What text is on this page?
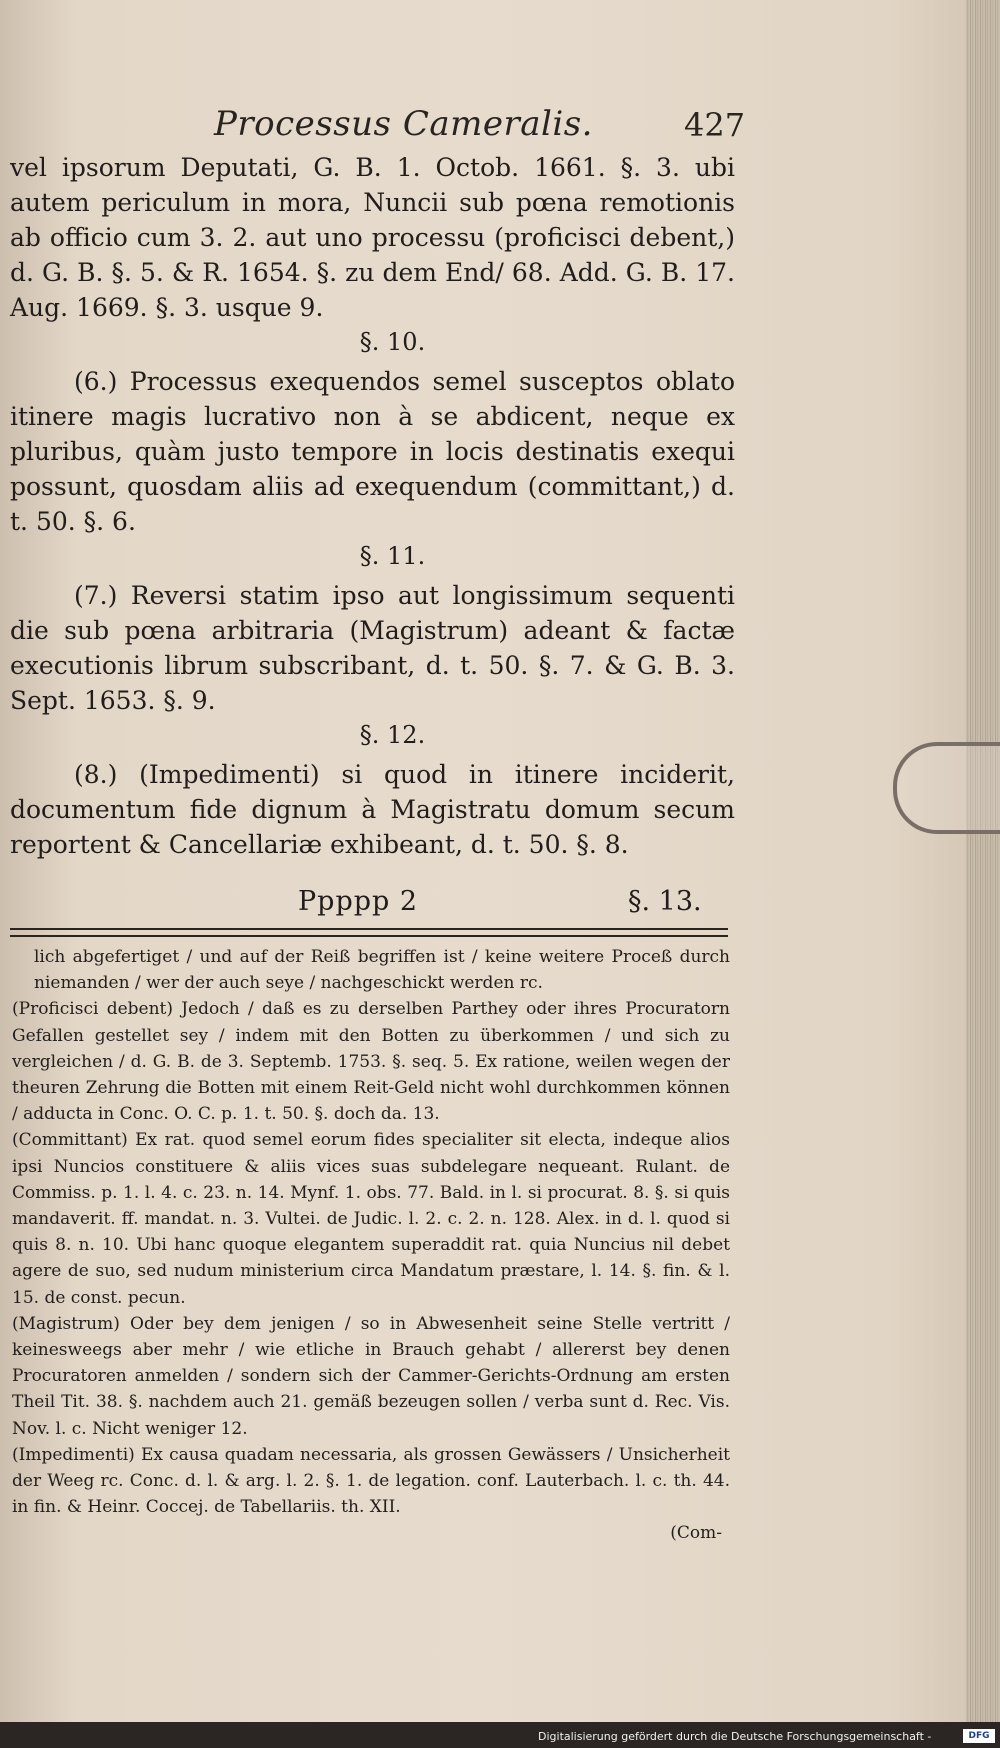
Processus Cameralis.	427

vel ipsorum Deputati, G. B. 1. Octob. 1661. §. 3. ubi autem periculum in mora, Nuncii sub pœna remotionis ab officio cum 3. 2. aut uno processu (proficisci debent,) d. G. B. §. 5. & R. 1654. §. zu dem End/ 68. Add. G. B. 17. Aug. 1669. §. 3. usque 9.

§. 10.

(6.) Processus exequendos semel susceptos oblato itinere magis lucrativo non à se abdicent, neque ex pluribus, quàm justo tempore in locis destinatis exequi possunt, quosdam aliis ad exequendum (committant,) d. t. 50. §. 6.

§. 11.

(7.) Reversi statim ipso aut longissimum sequenti die sub pœna arbitraria (Magistrum) adeant & factæ executionis librum subscribant, d. t. 50. §. 7. & G. B. 3. Sept. 1653. §. 9.

§. 12.

(8.) (Impedimenti) si quod in itinere inciderit, documentum fide dignum à Magistratu domum secum reportent & Cancellariæ exhibeant, d. t. 50. §. 8.

Ppppp 2	§. 13.

lich abgefertiget / und auf der Reiß begriffen ist / keine weitere Proceß durch niemanden / wer der auch seye / nachgeschickt werden rc.

(Proficisci debent) Jedoch / daß es zu derselben Parthey oder ihres Procuratorn Gefallen gestellet sey / indem mit den Botten zu überkommen / und sich zu vergleichen / d. G. B. de 3. Septemb. 1753. §. seq. 5. Ex ratione, weilen wegen der theuren Zehrung die Botten mit einem Reit-Geld nicht wohl durchkommen können / adducta in Conc. O. C. p. 1. t. 50. §. doch da. 13.

(Committant) Ex rat. quod semel eorum fides specialiter sit electa, indeque alios ipsi Nuncios constituere & aliis vices suas subdelegare nequeant. Rulant. de Commiss. p. 1. l. 4. c. 23. n. 14. Mynf. 1. obs. 77. Bald. in l. si procurat. 8. §. si quis mandaverit. ff. mandat. n. 3. Vultei. de Judic. l. 2. c. 2. n. 128. Alex. in d. l. quod si quis 8. n. 10. Ubi hanc quoque elegantem superaddit rat. quia Nuncius nil debet agere de suo, sed nudum ministerium circa Mandatum præstare, l. 14. §. fin. & l. 15. de const. pecun.

(Magistrum) Oder bey dem jenigen / so in Abwesenheit seine Stelle vertritt / keinesweegs aber mehr / wie etliche in Brauch gehabt / allererst bey denen Procuratoren anmelden / sondern sich der Cammer-Gerichts-Ordnung am ersten Theil Tit. 38. §. nachdem auch 21. gemäß bezeugen sollen / verba sunt d. Rec. Vis. Nov. l. c. Nicht weniger 12.

(Impedimenti) Ex causa quadam necessaria, als grossen Gewässers / Unsicherheit der Weeg rc. Conc. d. l. & arg. l. 2. §. 1. de legation. conf. Lauterbach. l. c. th. 44. in fin. & Heinr. Coccej. de Tabellariis. th. XII.

(Com-

Digitalisierung gefördert durch die Deutsche Forschungsgemeinschaft -	DFG
